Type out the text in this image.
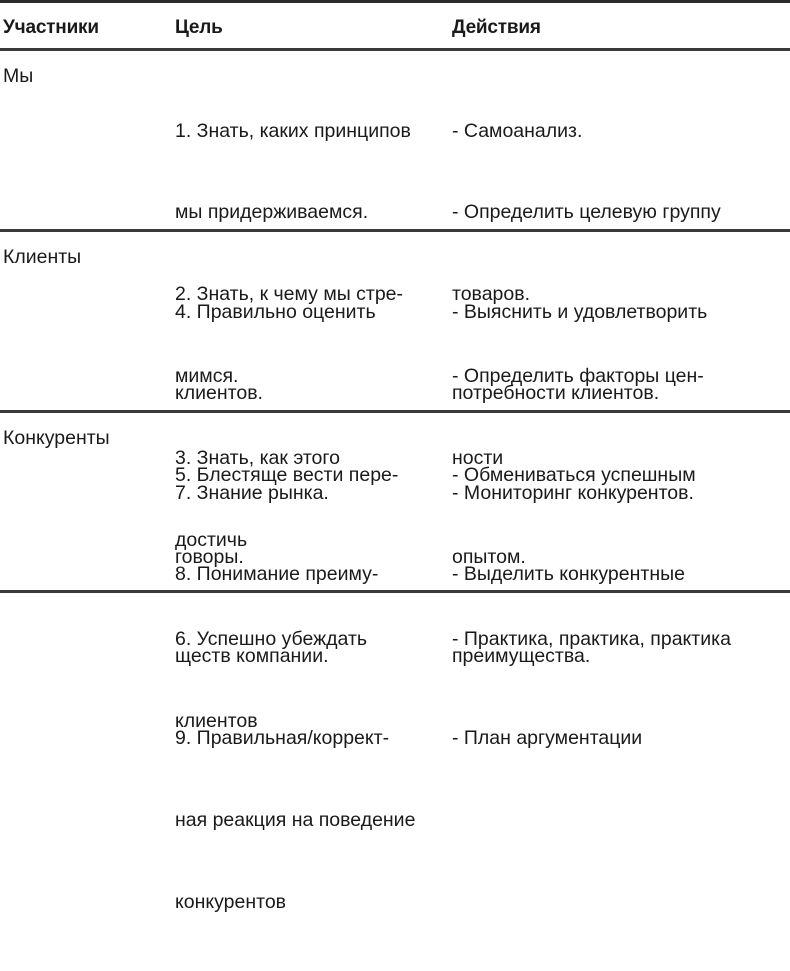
Участники	Цель	Действия
Мы

1. Знать, каких принципов

мы придерживаемся.

2. Знать, к чему мы стре-

мимся.

3. Знать, как этого

достичь

- Самоанализ.

- Определить целевую группу

товаров.

- Определить факторы цен-

ности

Клиенты

4. Правильно оценить

клиентов.

5. Блестяще вести пере-

говоры.

6. Успешно убеждать

клиентов

- Выяснить и удовлетворить

потребности клиентов.

- Обмениваться успешным

опытом.

- Практика, практика, практика

Конкуренты

7. Знание рынка.

8. Понимание преиму-

ществ компании.

9. Правильная/коррект-

ная реакция на поведение

конкурентов

- Мониторинг конкурентов.

- Выделить конкурентные

преимущества.

- План аргументации
